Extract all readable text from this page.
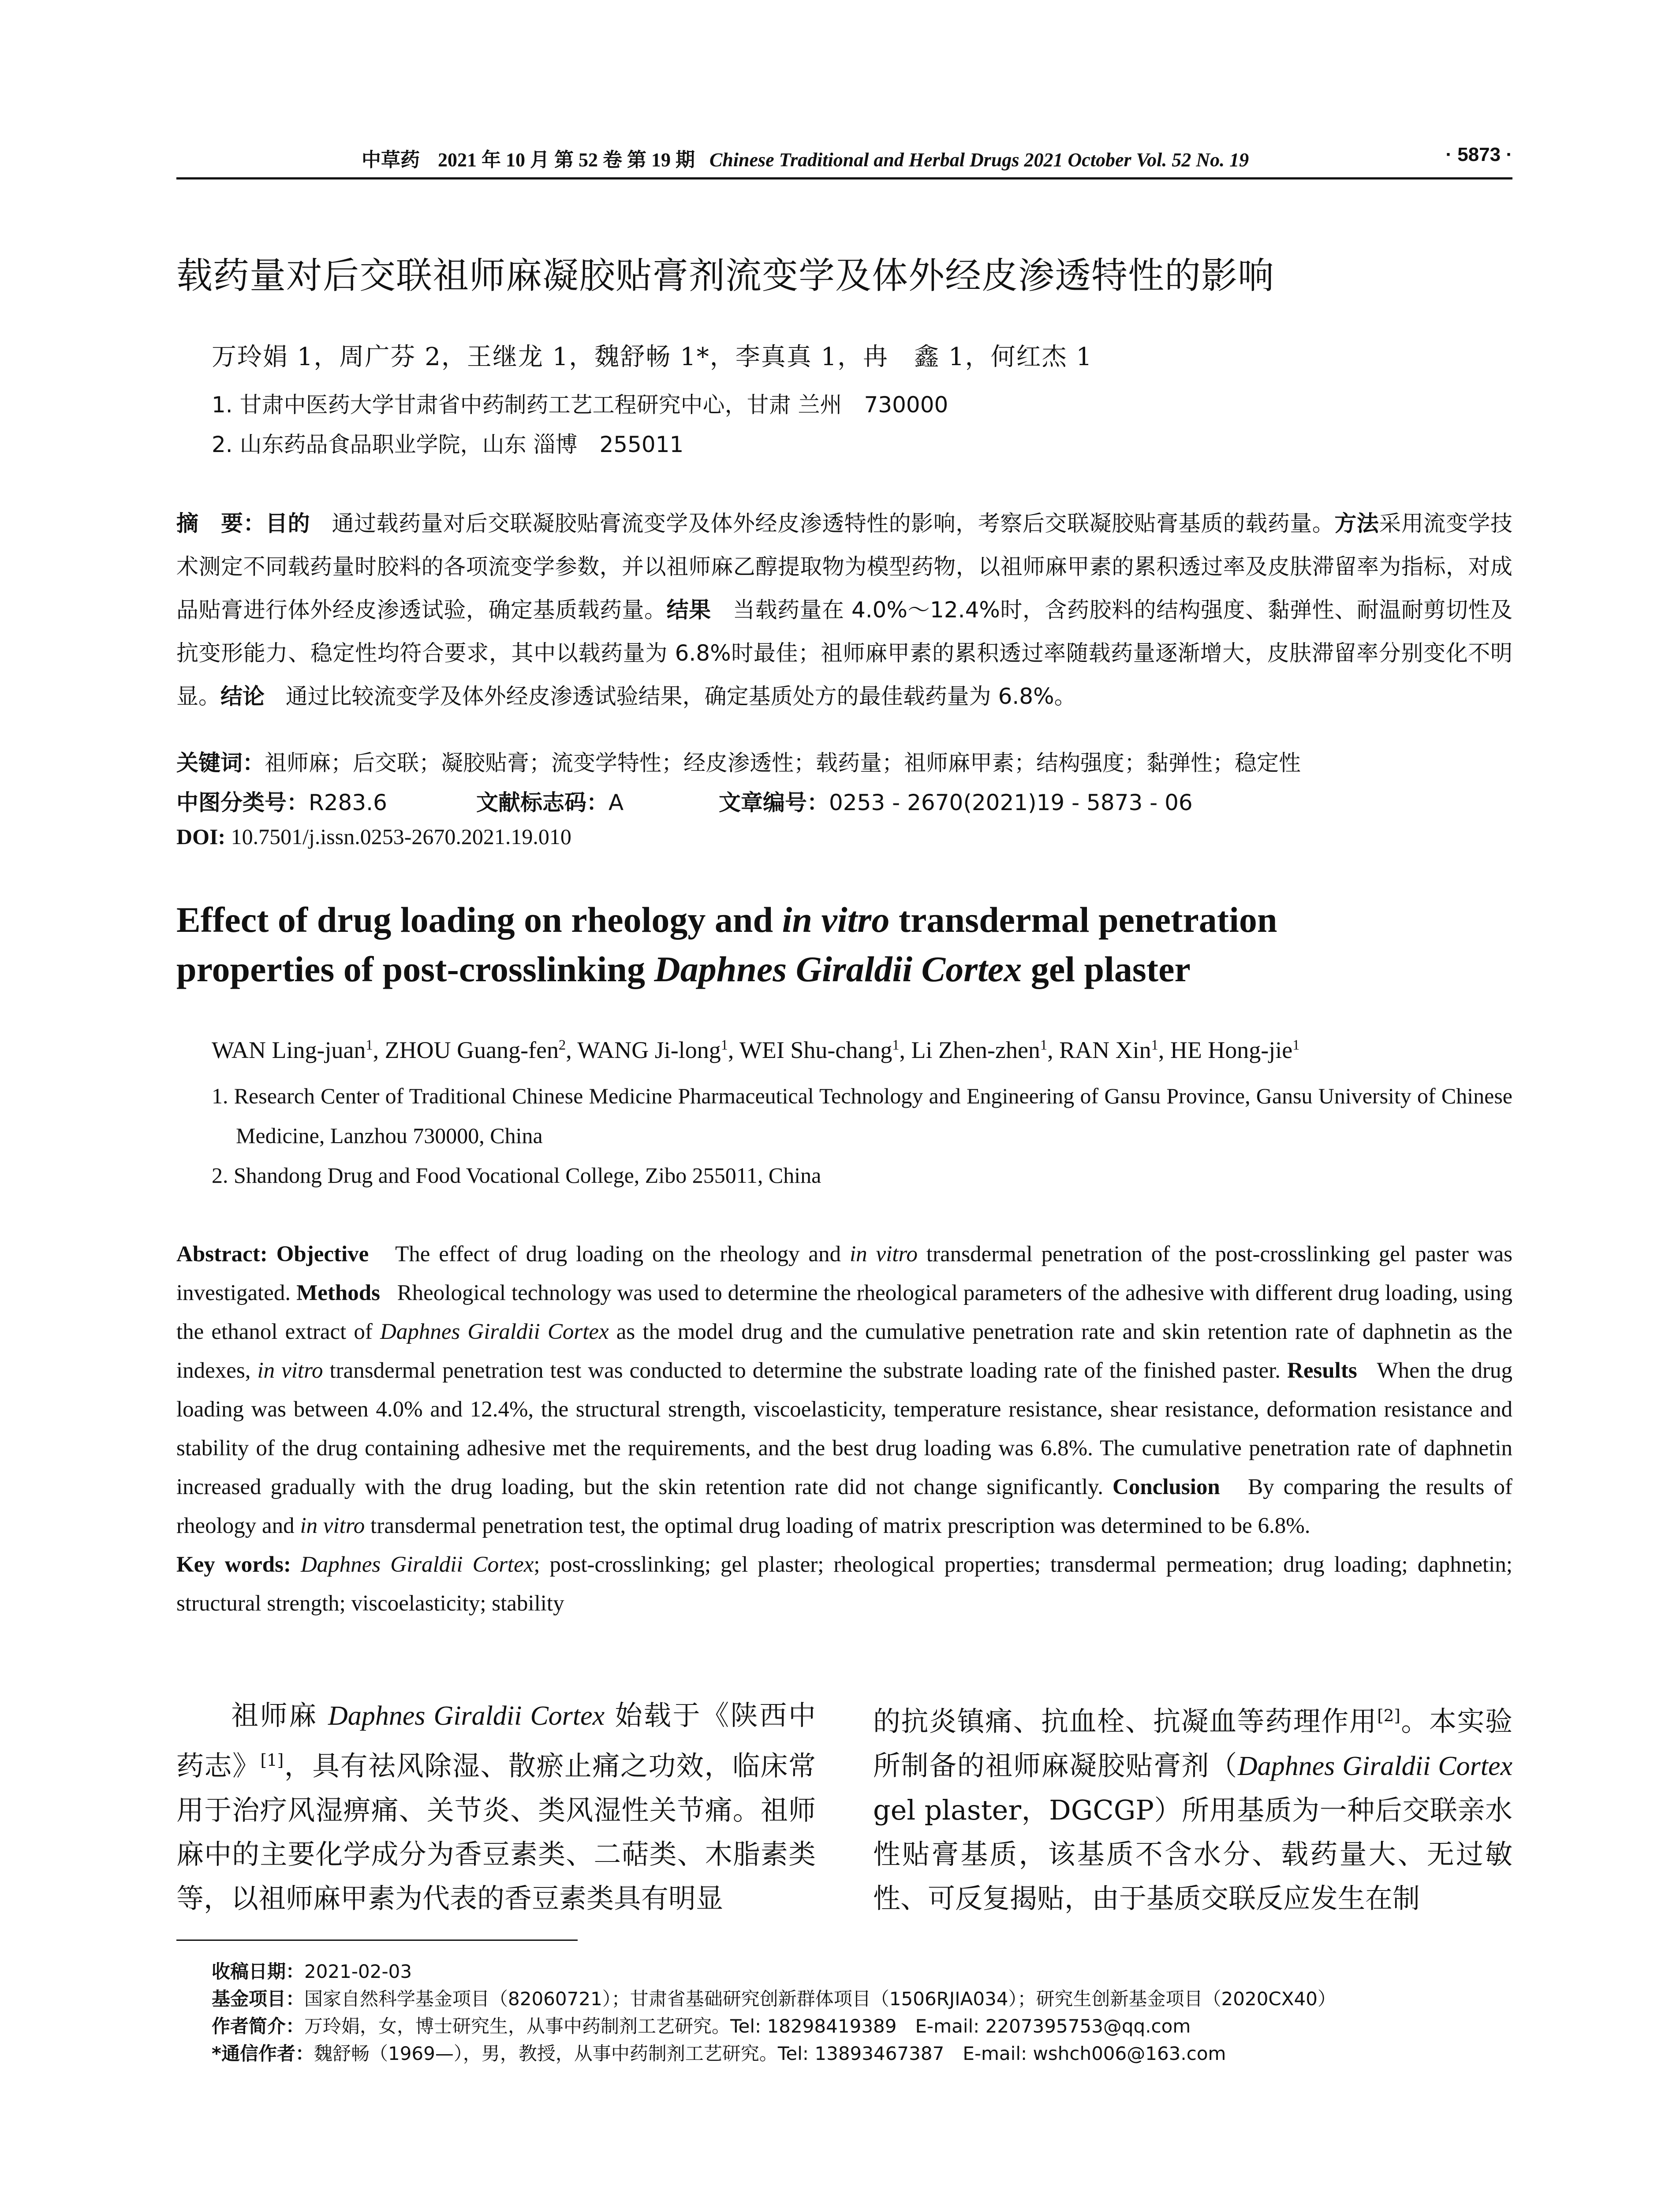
中草药 2021 年 10 月 第 52 卷 第 19 期 Chinese Traditional and Herbal Drugs 2021 October Vol. 52 No. 19	· 5873 ·
载药量对后交联祖师麻凝胶贴膏剂流变学及体外经皮渗透特性的影响
万玲娟 1，周广芬 2，王继龙 1，魏舒畅 1*，李真真 1，冉　鑫 1，何红杰 1
1. 甘肃中医药大学甘肃省中药制药工艺工程研究中心，甘肃 兰州　730000
2. 山东药品食品职业学院，山东 淄博　255011
摘　要：目的 通过载药量对后交联凝胶贴膏流变学及体外经皮渗透特性的影响，考察后交联凝胶贴膏基质的载药量。方法采用流变学技术测定不同载药量时胶料的各项流变学参数，并以祖师麻乙醇提取物为模型药物，以祖师麻甲素的累积透过率及皮肤滞留率为指标，对成品贴膏进行体外经皮渗透试验，确定基质载药量。结果 当载药量在 4.0%～12.4%时，含药胶料的结构强度、黏弹性、耐温耐剪切性及抗变形能力、稳定性均符合要求，其中以载药量为 6.8%时最佳；祖师麻甲素的累积透过率随载药量逐渐增大，皮肤滞留率分别变化不明显。结论 通过比较流变学及体外经皮渗透试验结果，确定基质处方的最佳载药量为 6.8%。
关键词：祖师麻；后交联；凝胶贴膏；流变学特性；经皮渗透性；载药量；祖师麻甲素；结构强度；黏弹性；稳定性
中图分类号：R283.6	文献标志码：A	文章编号：0253 - 2670(2021)19 - 5873 - 06
DOI: 10.7501/j.issn.0253-2670.2021.19.010
Effect of drug loading on rheology and in vitro transdermal penetration
properties of post-crosslinking Daphnes Giraldii Cortex gel plaster
WAN Ling-juan$^1$, ZHOU Guang-fen$^2$, WANG Ji-long$^1$, WEI Shu-chang$^1$, Li Zhen-zhen$^1$, RAN Xin$^1$, HE Hong-jie$^1$
1. Research Center of Traditional Chinese Medicine Pharmaceutical Technology and Engineering of Gansu Province, Gansu University of Chinese Medicine, Lanzhou 730000, China
2. Shandong Drug and Food Vocational College, Zibo 255011, China
Abstract: Objective The effect of drug loading on the rheology and in vitro transdermal penetration of the post-crosslinking gel paster was investigated. Methods Rheological technology was used to determine the rheological parameters of the adhesive with different drug loading, using the ethanol extract of Daphnes Giraldii Cortex as the model drug and the cumulative penetration rate and skin retention rate of daphnetin as the indexes, in vitro transdermal penetration test was conducted to determine the substrate loading rate of the finished paster. Results When the drug loading was between 4.0% and 12.4%, the structural strength, viscoelasticity, temperature resistance, shear resistance, deformation resistance and stability of the drug containing adhesive met the requirements, and the best drug loading was 6.8%. The cumulative penetration rate of daphnetin increased gradually with the drug loading, but the skin retention rate did not change significantly. Conclusion By comparing the results of rheology and in vitro transdermal penetration test, the optimal drug loading of matrix prescription was determined to be 6.8%.
Key words: Daphnes Giraldii Cortex; post-crosslinking; gel plaster; rheological properties; transdermal permeation; drug loading; daphnetin; structural strength; viscoelasticity; stability
祖师麻 Daphnes Giraldii Cortex 始载于《陕西中药志》[1]，具有祛风除湿、散瘀止痛之功效，临床常用于治疗风湿痹痛、关节炎、类风湿性关节痛。祖师麻中的主要化学成分为香豆素类、二萜类、木脂素类等，以祖师麻甲素为代表的香豆素类具有明显
的抗炎镇痛、抗血栓、抗凝血等药理作用[2]。本实验所制备的祖师麻凝胶贴膏剂（Daphnes Giraldii Cortex gel plaster，DGCGP）所用基质为一种后交联亲水性贴膏基质，该基质不含水分、载药量大、无过敏性、可反复揭贴，由于基质交联反应发生在制
收稿日期：2021-02-03
基金项目：国家自然科学基金项目（82060721）；甘肃省基础研究创新群体项目（1506RJIA034）；研究生创新基金项目（2020CX40）
作者简介：万玲娟，女，博士研究生，从事中药制剂工艺研究。Tel: 18298419389　E-mail: 2207395753@qq.com
*通信作者：魏舒畅（1969—），男，教授，从事中药制剂工艺研究。Tel: 13893467387　E-mail: wshch006@163.com
